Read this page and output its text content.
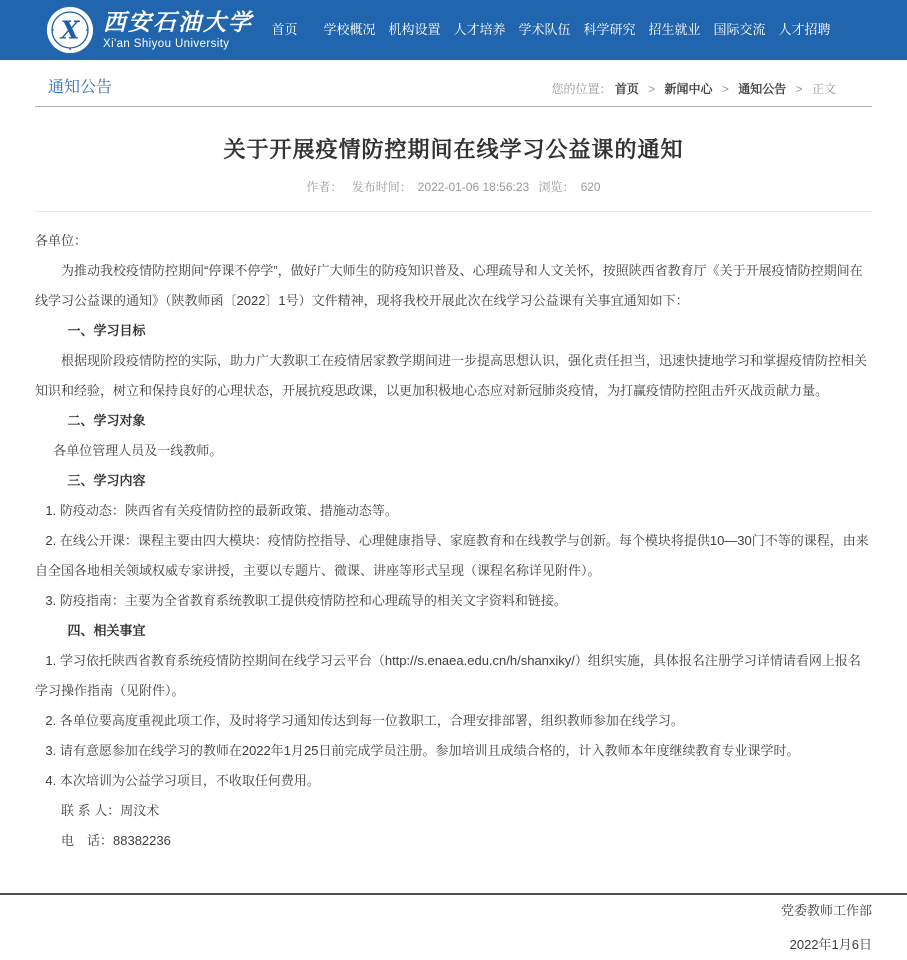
X 西安石油大学
Xi'an Shiyou University
首页	学校概况 机构设置 人才培养 学术队伍 科学研究 招生就业 国际交流 人才招聘
通知公告	您的位置： 首页 > 新闻中心 > 通知公告 > 正文
关于开展疫情防控期间在线学习公益课的通知
作者： 发布时间： 2022-01-06 18:56:23 浏览： 620

各单位：

为推动我校疫情防控期间“停课不停学”，做好广大师生的防疫知识普及、心理疏导和人文关怀，按照陕西省教育厅《关于开展疫情防控期间在线学习公益课的通知》（陕教师函〔2022〕1号）文件精神，现将我校开展此次在线学习公益课有关事宜通知如下：

一、学习目标

根据现阶段疫情防控的实际，助力广大教职工在疫情居家教学期间进一步提高思想认识，强化责任担当，迅速快捷地学习和掌握疫情防控相关知识和经验，树立和保持良好的心理状态，开展抗疫思政课，以更加积极地心态应对新冠肺炎疫情，为打赢疫情防控阻击歼灭战贡献力量。

二、学习对象

各单位管理人员及一线教师。

三、学习内容

1. 防疫动态：陕西省有关疫情防控的最新政策、措施动态等。

2. 在线公开课：课程主要由四大模块：疫情防控指导、心理健康指导、家庭教育和在线教学与创新。每个模块将提供10—30门不等的课程，由来自全国各地相关领域权威专家讲授，主要以专题片、微课、讲座等形式呈现（课程名称详见附件）。

3. 防疫指南：主要为全省教育系统教职工提供疫情防控和心理疏导的相关文字资料和链接。

四、相关事宜

1. 学习依托陕西省教育系统疫情防控期间在线学习云平台（http://s.enaea.edu.cn/h/shanxiky/）组织实施，具体报名注册学习详情请看网上报名学习操作指南（见附件）。

2. 各单位要高度重视此项工作，及时将学习通知传达到每一位教职工，合理安排部署，组织教师参加在线学习。

3. 请有意愿参加在线学习的教师在2022年1月25日前完成学员注册。参加培训且成绩合格的，计入教师本年度继续教育专业课学时。

4. 本次培训为公益学习项目，不收取任何费用。

联 系 人：周汶术

电　话：88382236

党委教师工作部
2022年1月6日
